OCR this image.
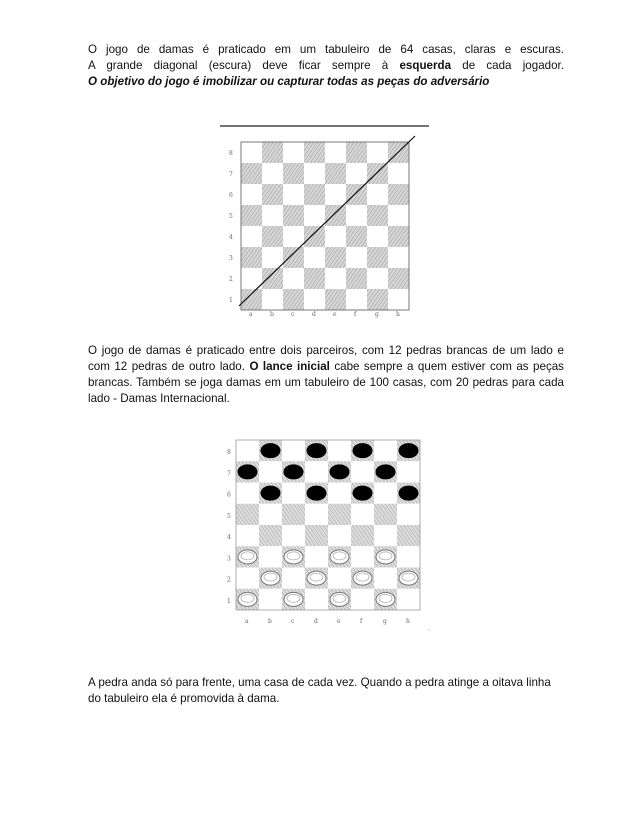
O jogo de damas é praticado em um tabuleiro de 64 casas, claras e escuras.
A grande diagonal (escura) deve ficar sempre à esquerda de cada jogador.
O objetivo do jogo é imobilizar ou capturar todas as peças do adversário
8
7
6
5
4
3
2
1
a	b	c	d	e	f	g	h
O jogo de damas é praticado entre dois parceiros, com 12 pedras brancas de um lado e com 12 pedras de outro lado. O lance inicial cabe sempre a quem estiver com as peças brancas. Também se joga damas em um tabuleiro de 100 casas, com 20 pedras para cada lado - Damas Internacional.
8
7
6
5
4
3
2
1
a	b	c	d	e	f	g	h
·
A pedra anda só para frente, uma casa de cada vez. Quando a pedra atinge a oitava linha do tabuleiro ela é promovida à dama.
